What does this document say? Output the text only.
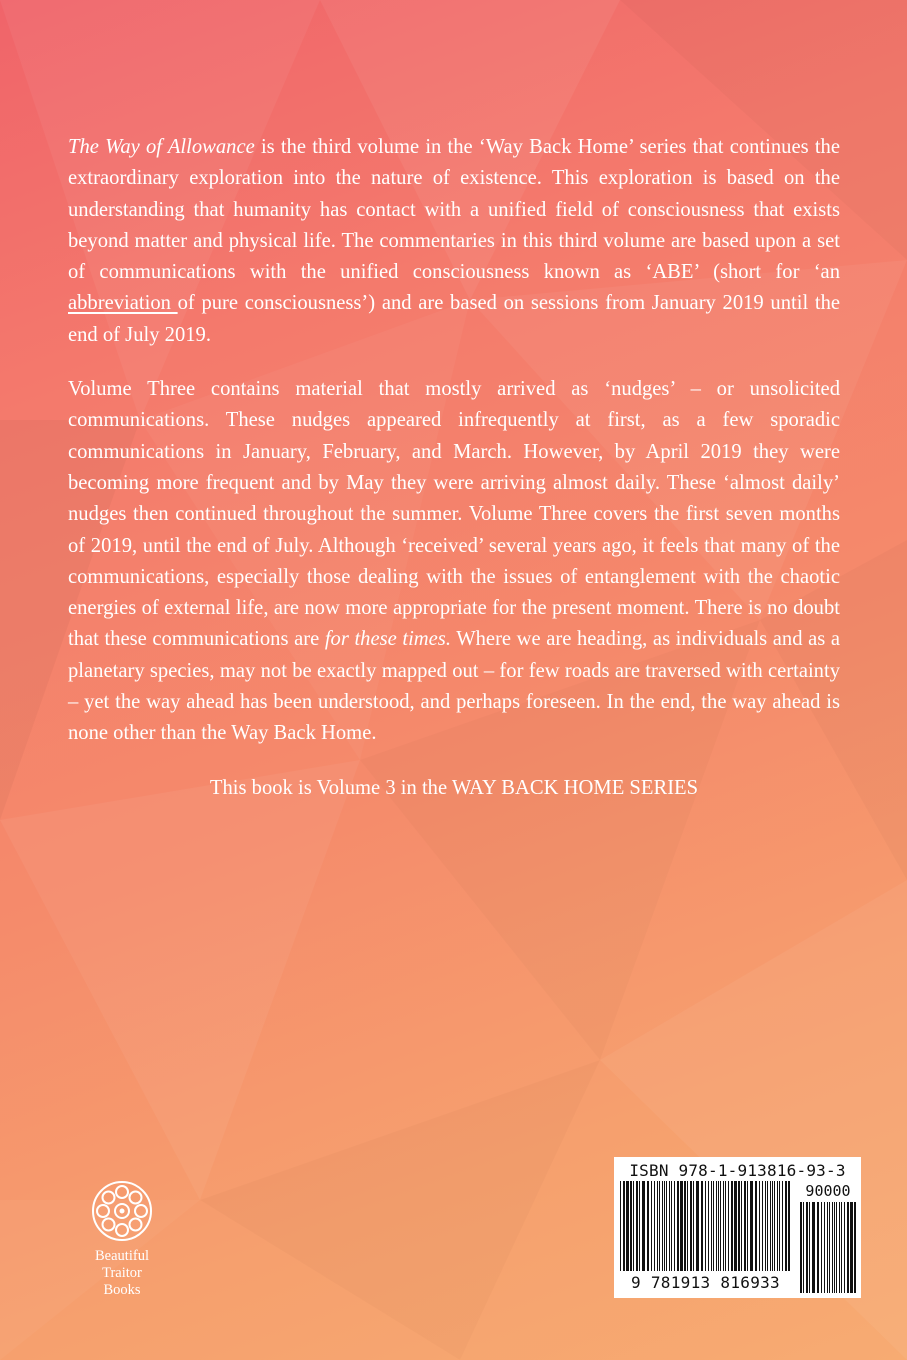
The Way of Allowance is the third volume in the ‘Way Back Home’ series that continues the extraordinary exploration into the nature of existence. This exploration is based on the understanding that humanity has contact with a unified field of consciousness that exists beyond matter and physical life. The commentaries in this third volume are based upon a set of communications with the unified consciousness known as ‘ABE’ (short for ‘an abbreviation of pure consciousness’) and are based on sessions from January 2019 until the end of July 2019.

Volume Three contains material that mostly arrived as ‘nudges’ – or unsolicited communications. These nudges appeared infrequently at first, as a few sporadic communications in January, February, and March. However, by April 2019 they were becoming more frequent and by May they were arriving almost daily. These ‘almost daily’ nudges then continued throughout the summer. Volume Three covers the first seven months of 2019, until the end of July. Although ‘received’ several years ago, it feels that many of the communications, especially those dealing with the issues of entanglement with the chaotic energies of external life, are now more appropriate for the present moment. There is no doubt that these communications are for these times. Where we are heading, as individuals and as a planetary species, may not be exactly mapped out – for few roads are traversed with certainty – yet the way ahead has been understood, and perhaps foreseen. In the end, the way ahead is none other than the Way Back Home.

This book is Volume 3 in the WAY BACK HOME SERIES

Beautiful
Traitor
Books
ISBN 978-1-913816-93-3
90000
9 781913 816933
